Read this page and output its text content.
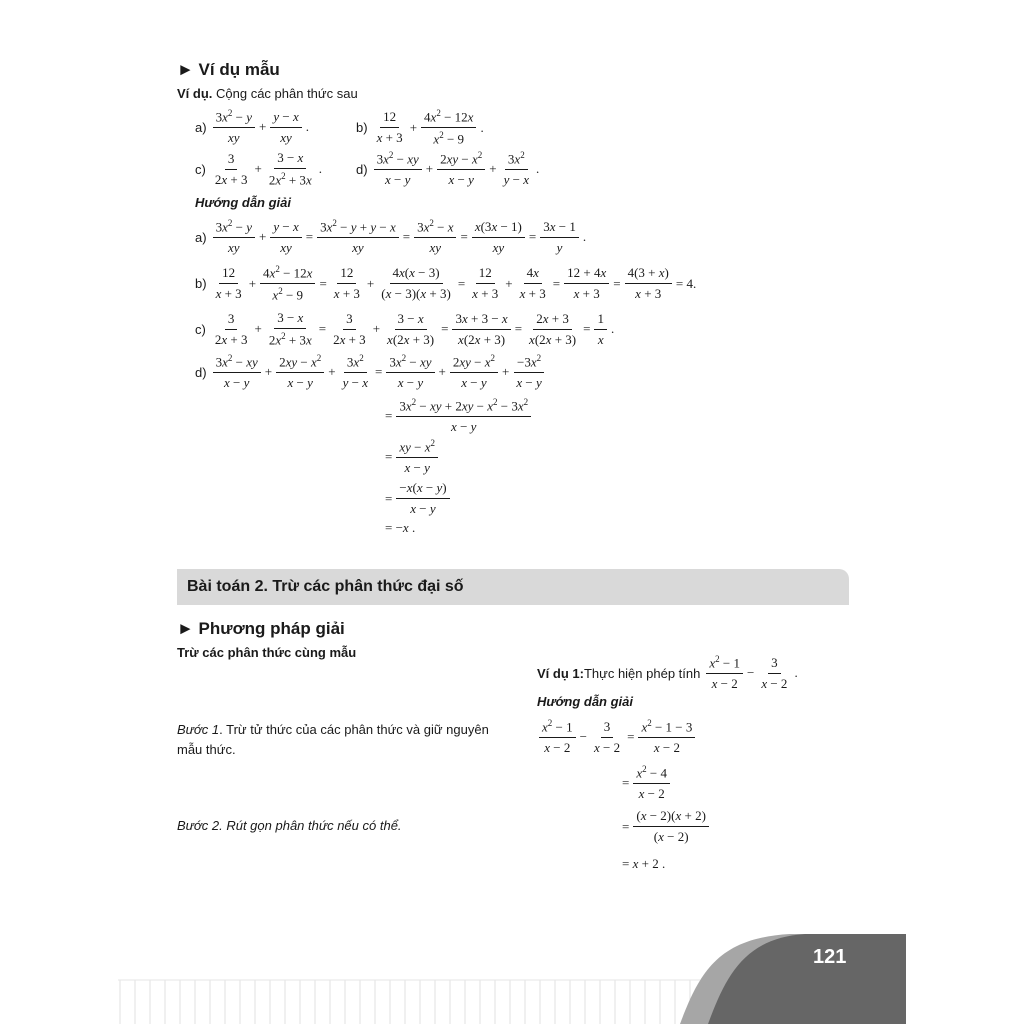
► Ví dụ mẫu
Ví dụ. Cộng các phân thức sau
$a) \frac{3x^2 - y}{xy} + \frac{y - x}{xy}$ .	$b) \frac{12}{x + 3} + \frac{4x^2 - 12x}{x^2 - 9}$ .
$c) \frac{3}{2x + 3} + \frac{3 - x}{2x^2 + 3x}$ .	$d) \frac{3x^2 - xy}{x - y} + \frac{2xy - x^2}{x - y} + \frac{3x^2}{y - x}$ .
Hướng dẫn giải
$a) \frac{3x^2 - y}{xy} + \frac{y - x}{xy} = \frac{3x^2 - y + y - x}{xy} = \frac{3x^2 - x}{xy} = \frac{x(3x - 1)}{xy} = \frac{3x - 1}{y}$ .
$b) \frac{12}{x + 3} + \frac{4x^2 - 12x}{x^2 - 9} = \frac{12}{x + 3} + \frac{4x(x - 3)}{(x - 3)(x + 3)} = \frac{12}{x + 3} + \frac{4x}{x + 3} = \frac{12 + 4x}{x + 3} = \frac{4(3 + x)}{x + 3} = 4$.
$c) \frac{3}{2x + 3} + \frac{3 - x}{2x^2 + 3x} = \frac{3}{2x + 3} + \frac{3 - x}{x(2x + 3)} = \frac{3x + 3 - x}{x(2x + 3)} = \frac{2x + 3}{x(2x + 3)} = \frac{1}{x}$ .
$d) \frac{3x^2 - xy}{x - y} + \frac{2xy - x^2}{x - y} + \frac{3x^2}{y - x} = \frac{3x^2 - xy}{x - y} + \frac{2xy - x^2}{x - y} + \frac{-3x^2}{x - y}$
= $\frac{3x^2 - xy + 2xy - x^2 - 3x^2}{x - y}$
= $\frac{xy - x^2}{x - y}$
= $\frac{-x(x - y)}{x - y}$
= −x .
Bài toán 2. Trừ các phân thức đại số
► Phương pháp giải
Trừ các phân thức cùng mẫu
Bước 1. Trừ tử thức của các phân thức và giữ nguyên mẫu thức.
Bước 2. Rút gọn phân thức nếu có thể.
Ví dụ 1: Thực hiện phép tính $\frac{x^2 - 1}{x - 2} - \frac{3}{x - 2}$ .
Hướng dẫn giải
$\frac{x^2 - 1}{x - 2} - \frac{3}{x - 2} = \frac{x^2 - 1 - 3}{x - 2}$
= $\frac{x^2 - 4}{x - 2}$
= $\frac{(x - 2)(x + 2)}{(x - 2)}$
= x + 2 .
121
